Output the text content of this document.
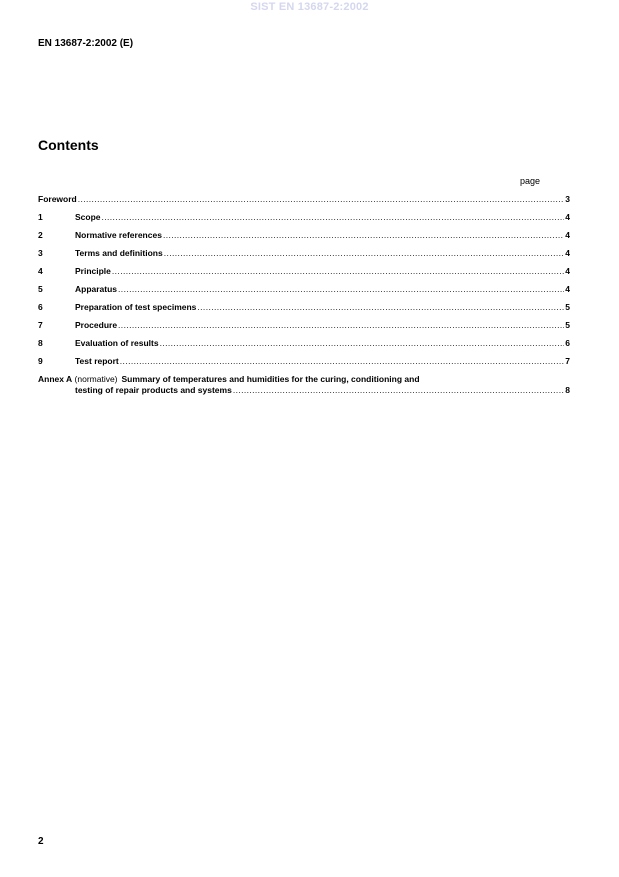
SIST EN 13687-2:2002
EN 13687-2:2002 (E)
Contents
page
Foreword .....	3
1	Scope .....	4
2	Normative references .....	4
3	Terms and definitions .....	4
4	Principle .....	4
5	Apparatus .....	4
6	Preparation of test specimens .....	5
7	Procedure .....	5
8	Evaluation of results .....	6
9	Test report .....	7
Annex A (normative) Summary of temperatures and humidities for the curing, conditioning and
testing of repair products and systems .....	8
2
